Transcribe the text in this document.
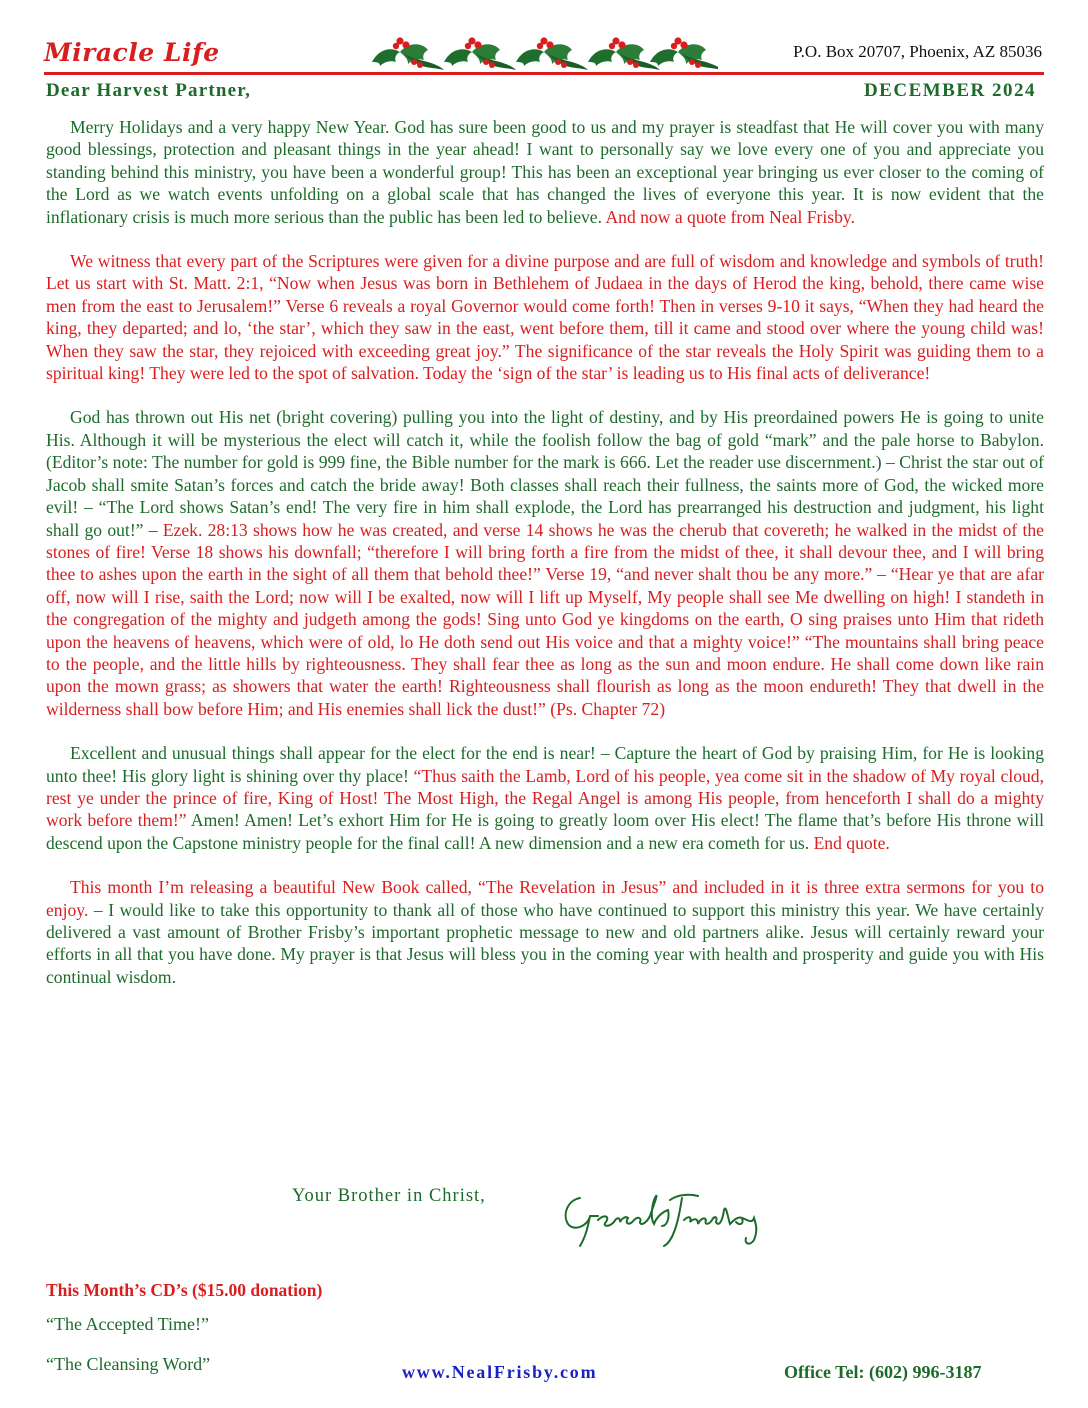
Miracle Life	P.O. Box 20707, Phoenix, AZ 85036
Dear Harvest Partner,	DECEMBER 2024

Merry Holidays and a very happy New Year. God has sure been good to us and my prayer is steadfast that He will cover you with many good blessings, protection and pleasant things in the year ahead! I want to personally say we love every one of you and appreciate you standing behind this ministry, you have been a wonderful group! This has been an exceptional year bringing us ever closer to the coming of the Lord as we watch events unfolding on a global scale that has changed the lives of everyone this year. It is now evident that the inflationary crisis is much more serious than the public has been led to believe. And now a quote from Neal Frisby.

We witness that every part of the Scriptures were given for a divine purpose and are full of wisdom and knowledge and symbols of truth! Let us start with St. Matt. 2:1, “Now when Jesus was born in Bethlehem of Judaea in the days of Herod the king, behold, there came wise men from the east to Jerusalem!” Verse 6 reveals a royal Governor would come forth! Then in verses 9-10 it says, “When they had heard the king, they departed; and lo, ‘the star’, which they saw in the east, went before them, till it came and stood over where the young child was! When they saw the star, they rejoiced with exceeding great joy.” The significance of the star reveals the Holy Spirit was guiding them to a spiritual king! They were led to the spot of salvation. Today the ‘sign of the star’ is leading us to His final acts of deliverance!

God has thrown out His net (bright covering) pulling you into the light of destiny, and by His preordained powers He is going to unite His. Although it will be mysterious the elect will catch it, while the foolish follow the bag of gold “mark” and the pale horse to Babylon. (Editor’s note: The number for gold is 999 fine, the Bible number for the mark is 666. Let the reader use discernment.) – Christ the star out of Jacob shall smite Satan’s forces and catch the bride away! Both classes shall reach their fullness, the saints more of God, the wicked more evil! – “The Lord shows Satan’s end! The very fire in him shall explode, the Lord has prearranged his destruction and judgment, his light shall go out!” – Ezek. 28:13 shows how he was created, and verse 14 shows he was the cherub that covereth; he walked in the midst of the stones of fire! Verse 18 shows his downfall; “therefore I will bring forth a fire from the midst of thee, it shall devour thee, and I will bring thee to ashes upon the earth in the sight of all them that behold thee!” Verse 19, “and never shalt thou be any more.” – “Hear ye that are afar off, now will I rise, saith the Lord; now will I be exalted, now will I lift up Myself, My people shall see Me dwelling on high! I standeth in the congregation of the mighty and judgeth among the gods! Sing unto God ye kingdoms on the earth, O sing praises unto Him that rideth upon the heavens of heavens, which were of old, lo He doth send out His voice and that a mighty voice!” “The mountains shall bring peace to the people, and the little hills by righteousness. They shall fear thee as long as the sun and moon endure. He shall come down like rain upon the mown grass; as showers that water the earth! Righteousness shall flourish as long as the moon endureth! They that dwell in the wilderness shall bow before Him; and His enemies shall lick the dust!” (Ps. Chapter 72)

Excellent and unusual things shall appear for the elect for the end is near! – Capture the heart of God by praising Him, for He is looking unto thee! His glory light is shining over thy place! “Thus saith the Lamb, Lord of his people, yea come sit in the shadow of My royal cloud, rest ye under the prince of fire, King of Host! The Most High, the Regal Angel is among His people, from henceforth I shall do a mighty work before them!” Amen! Amen! Let’s exhort Him for He is going to greatly loom over His elect! The flame that’s before His throne will descend upon the Capstone ministry people for the final call! A new dimension and a new era cometh for us. End quote.

This month I’m releasing a beautiful New Book called, “The Revelation in Jesus” and included in it is three extra sermons for you to enjoy. – I would like to take this opportunity to thank all of those who have continued to support this ministry this year. We have certainly delivered a vast amount of Brother Frisby’s important prophetic message to new and old partners alike. Jesus will certainly reward your efforts in all that you have done. My prayer is that Jesus will bless you in the coming year with health and prosperity and guide you with His continual wisdom.

Your Brother in Christ,
This Month’s CD’s ($15.00 donation)
“The Accepted Time!”
“The Cleansing Word”	www.NealFrisby.com	Office Tel: (602) 996-3187
